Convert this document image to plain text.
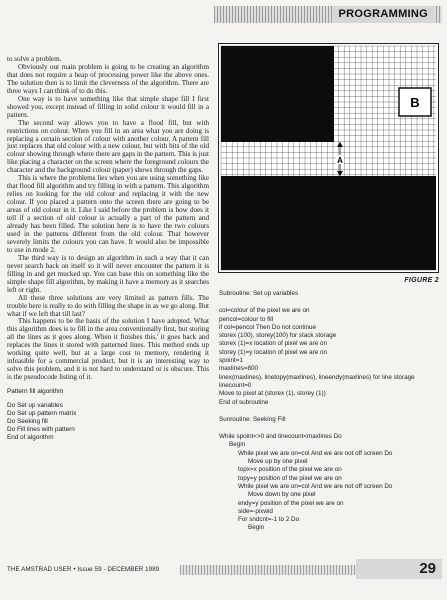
PROGRAMMING

to solve a problem.

Obviously our main problem is going to be creating an algorithm that does not require a heap of processing power like the above ones. The solution then is to limit the cleverness of the algorithm. There are three ways I can think of to do this.

One way is to have something like that simple shape fill I first showed you, except instead of filling in solid colour it would fill in a pattern.

The second way allows you to have a flood fill, but with restrictions on colour. When you fill in an area what you are doing is replacing a certain section of colour with another colour. A pattern fill just replaces that old colour with a new colour, but with bits of the old colour showing through where there are gaps in the pattern. This is just like placing a character on the screen where the foreground colours the character and the background colour (paper) shows through the gaps.

This is where the problems lies when you are using something like that flood fill algorithm and try filling in with a pattern. This algorithm relies on looking for the old colour and replacing it with the new colour. If you placed a pattern onto the screen there are going to be areas of old colour in it. Like I said before the problem is how does it tell if a section of old colour is actually a part of the pattern and already has been filled. The solution here is to have the two colours used in the patterns different from the old colour. That however severely limits the colours you can have. It would also be impossible to use in mode 2.

The third way is to design an algorithm in such a way that it can never search back on itself so it will never encounter the pattern it is filling in and get mucked up. You can base this on something like the simple shape fill algorithm, by making it have a memory as it searches left or right.

All these three solutions are very limited as pattern fills. The trouble here is really to do with filling the shape in as we go along. But what if we left that till last?

This happens to be the basis of the solution I have adopted. What this algorithm does is to fill in the area conventionally first, but storing all the lines as it goes along. When it finishes this,' it goes back and replaces the lines it stored with patterned lines. This method ends up working quite well, but at a large cost to memory, rendering it infeasible for a commercial product, but it is an interesting way to solve this problem, and it is not hard to understand or is obscure. This is the pseudocode listing of it.

Pattern fill algorithm

Do Set up variables

Do Set up pattern matrix

Do Seeking fill

Do Fill lines with pattern

End of algorithm

B
A
FIGURE 2
Subroutine: Set up variables
col=colour of the pixel we are on
pencol=colour to fill
if col=pencol Then Do not continue
storex (100), storey(100) for stack storage
storex (1)=x location of pixel we are on
storey (1)=y location of pixel we are on
spoint=1
maxlines=800
linex(maxlines), linetopy(maxlines), lineendy(maxlines) for line storage
linecount=0
Move to pixel at (storex (1), storey (1))
End of subroutine
Sunroutine: Seeking Fill
While spoint<>0 and linecount<maxlines Do
Begin
While pixel we are on=col And we are not off screen Do
Move up by one pixel
topx=x position of the pixel we are on
topy=y position of the pixel we are on
While pixel we are on=col And we are not off screen Do
Move down by one pixel
endy=y position of the pixel we are on
side=-pixwid
For sndcnt=-1 to 2 Do
Begin
THE AMSTRAD USER • Issue 59 - DECEMBER 1989	29
